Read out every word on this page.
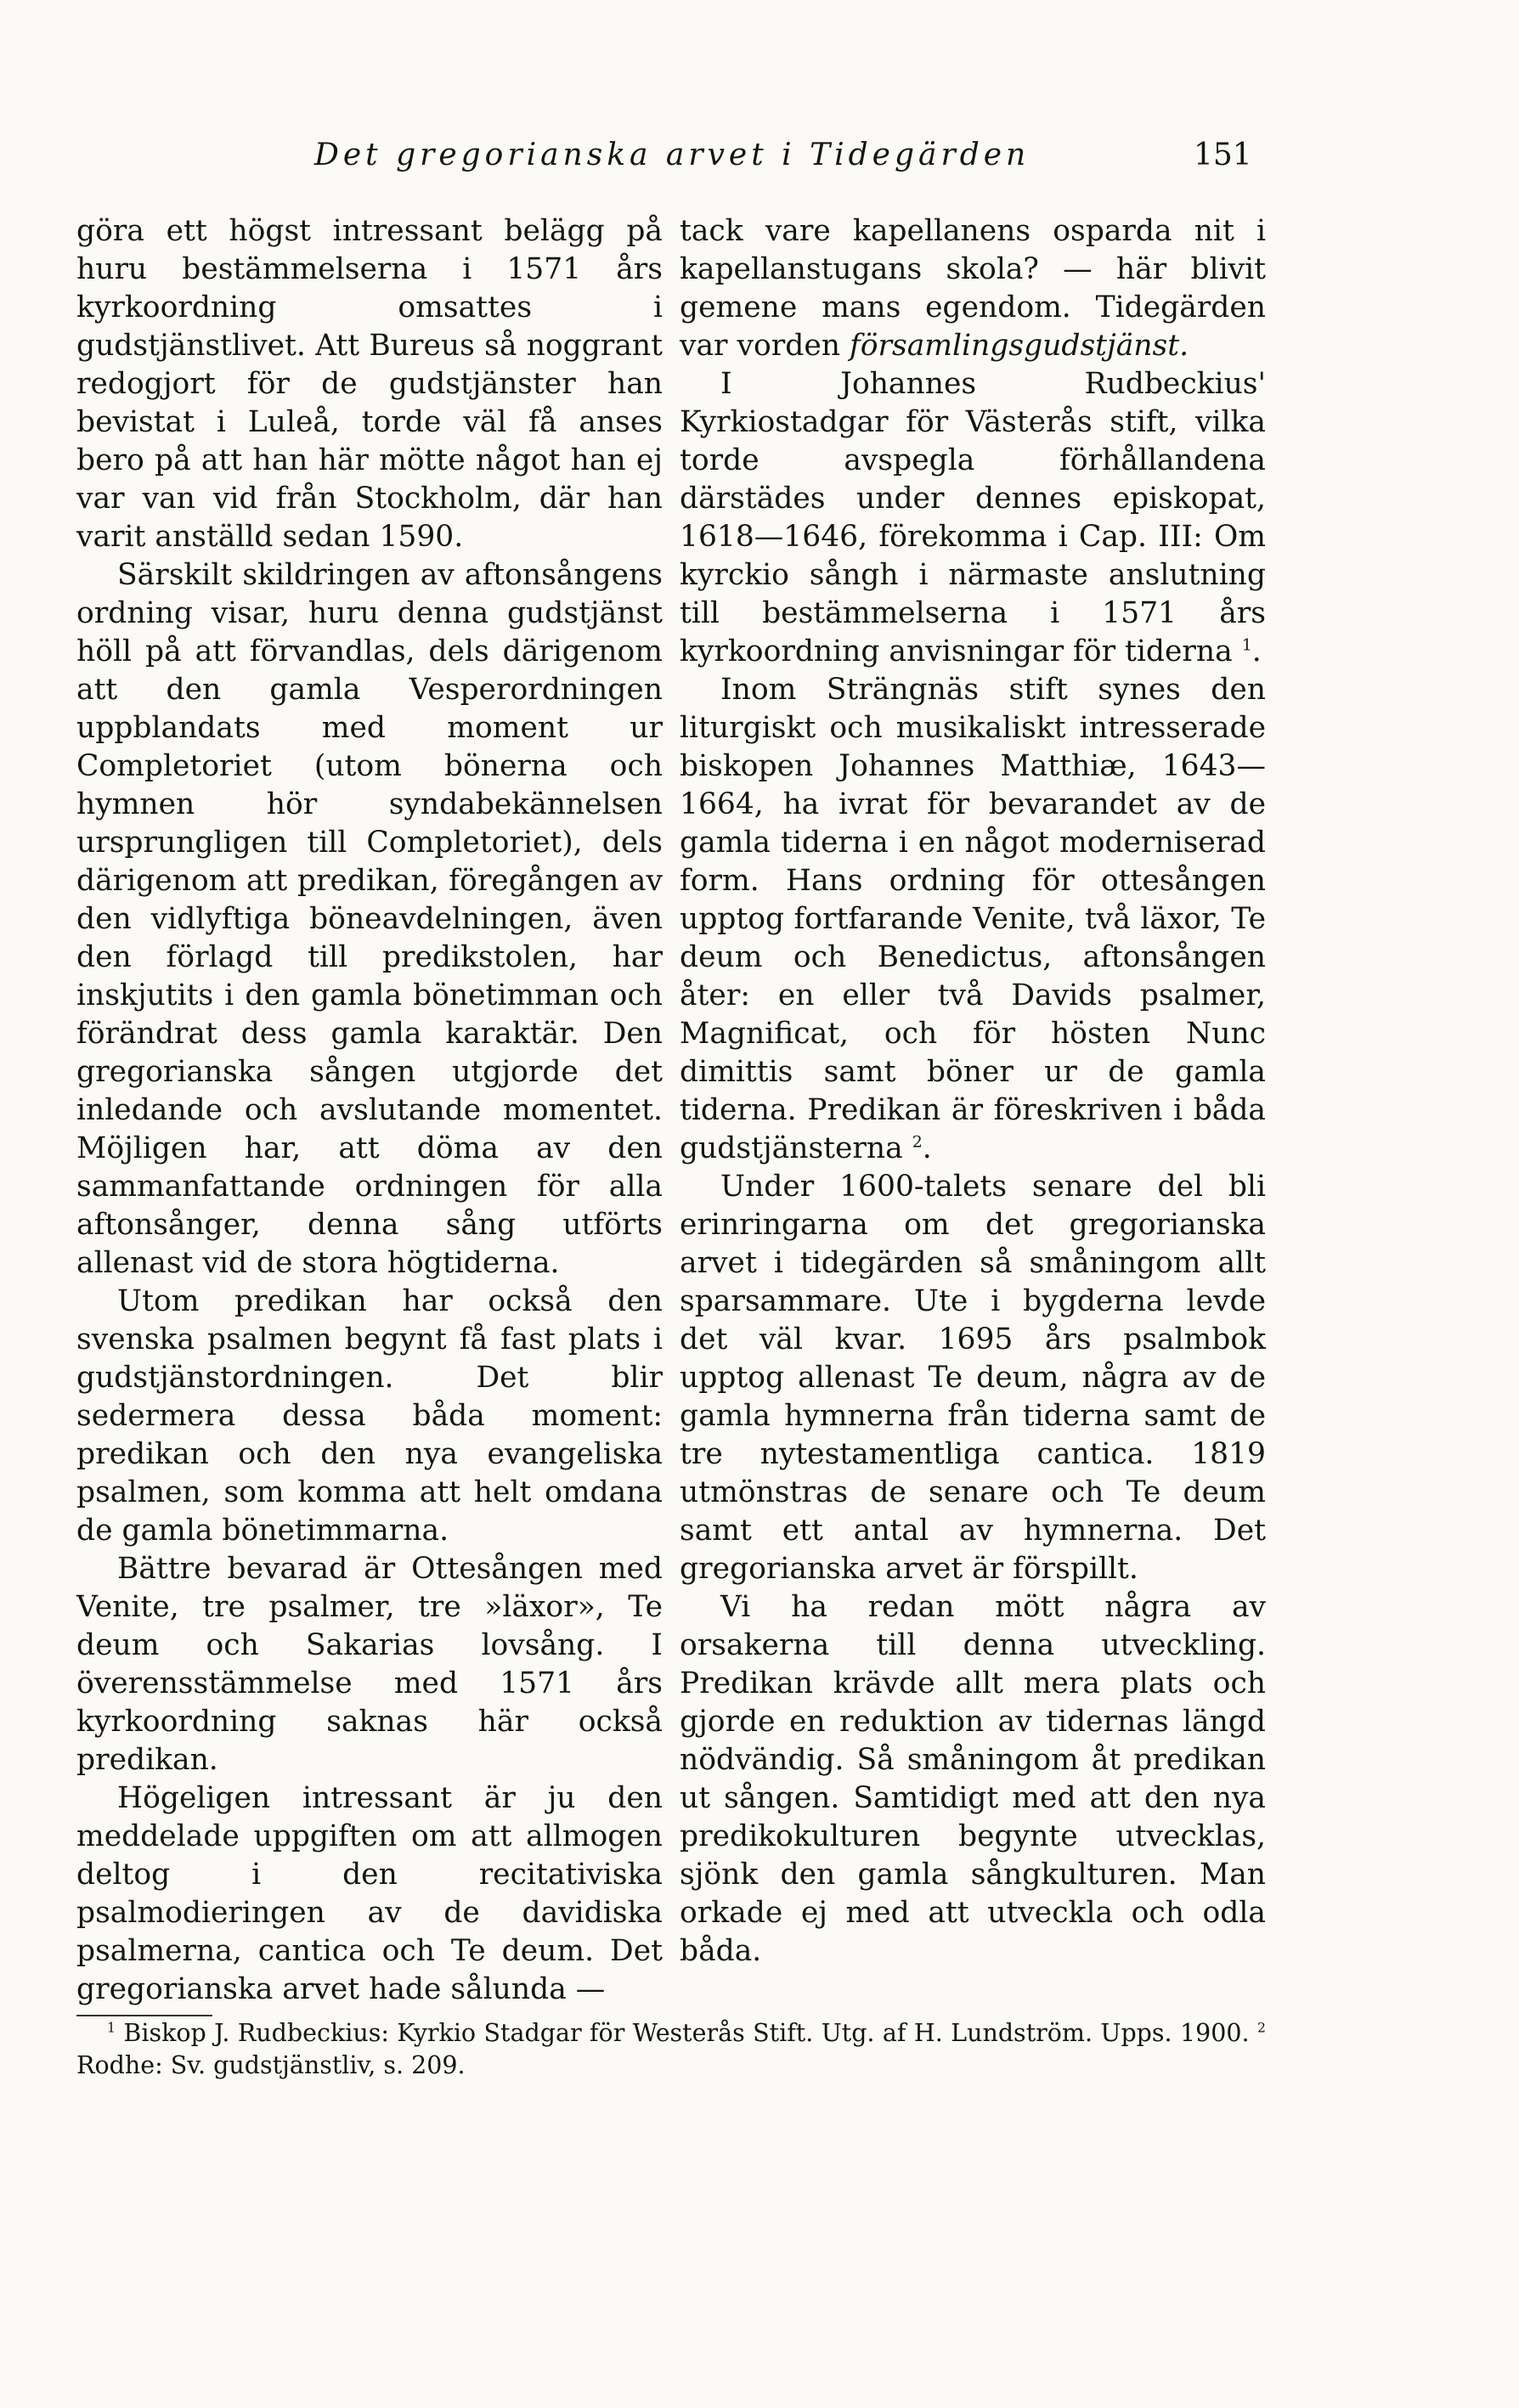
Det gregorianska arvet i Tidegärden	151

göra ett högst intressant belägg på huru bestämmelserna i 1571 års kyrkoordning omsattes i gudstjänstlivet. Att Bureus så noggrant redogjort för de gudstjänster han bevistat i Luleå, torde väl få anses bero på att han här mötte något han ej var van vid från Stockholm, där han varit anställd sedan 1590.

Särskilt skildringen av aftonsångens ordning visar, huru denna gudstjänst höll på att förvandlas, dels därigenom att den gamla Vesperordningen uppblandats med moment ur Completoriet (utom bönerna och hymnen hör syndabekännelsen ursprungligen till Completoriet), dels därigenom att predikan, föregången av den vidlyftiga böneavdelningen, även den förlagd till predikstolen, har inskjutits i den gamla bönetimman och förändrat dess gamla karaktär. Den gregorianska sången utgjorde det inledande och avslutande momentet. Möjligen har, att döma av den sammanfattande ordningen för alla aftonsånger, denna sång utförts allenast vid de stora högtiderna.

Utom predikan har också den svenska psalmen begynt få fast plats i gudstjänstordningen. Det blir sedermera dessa båda moment: predikan och den nya evangeliska psalmen, som komma att helt omdana de gamla bönetimmarna.

Bättre bevarad är Ottesången med Venite, tre psalmer, tre »läxor», Te deum och Sakarias lovsång. I överensstämmelse med 1571 års kyrkoordning saknas här också predikan.

Högeligen intressant är ju den meddelade uppgiften om att allmogen deltog i den recitativiska psalmodieringen av de davidiska psalmerna, cantica och Te deum. Det gregorianska arvet hade sålunda —

tack vare kapellanens osparda nit i kapellanstugans skola? — här blivit gemene mans egendom. Tidegärden var vorden församlingsgudstjänst.

I Johannes Rudbeckius' Kyrkiostadgar för Västerås stift, vilka torde avspegla förhållandena därstädes under dennes episkopat, 1618—1646, förekomma i Cap. III: Om kyrckio sångh i närmaste anslutning till bestämmelserna i 1571 års kyrkoordning anvisningar för tiderna $^1$.

Inom Strängnäs stift synes den liturgiskt och musikaliskt intresserade biskopen Johannes Matthiæ, 1643—1664, ha ivrat för bevarandet av de gamla tiderna i en något moderniserad form. Hans ordning för ottesången upptog fortfarande Venite, två läxor, Te deum och Benedictus, aftonsången åter: en eller två Davids psalmer, Magnificat, och för hösten Nunc dimittis samt böner ur de gamla tiderna. Predikan är föreskriven i båda gudstjänsterna $^2$.

Under 1600-talets senare del bli erinringarna om det gregorianska arvet i tidegärden så småningom allt sparsammare. Ute i bygderna levde det väl kvar. 1695 års psalmbok upptog allenast Te deum, några av de gamla hymnerna från tiderna samt de tre nytestamentliga cantica. 1819 utmönstras de senare och Te deum samt ett antal av hymnerna. Det gregorianska arvet är förspillt.

Vi ha redan mött några av orsakerna till denna utveckling. Predikan krävde allt mera plats och gjorde en reduktion av tidernas längd nödvändig. Så småningom åt predikan ut sången. Samtidigt med att den nya predikokulturen begynte utvecklas, sjönk den gamla sångkulturen. Man orkade ej med att utveckla och odla båda.

$^1$ Biskop J. Rudbeckius: Kyrkio Stadgar för Westerås Stift. Utg. af H. Lundström. Upps. 1900. $^2$ Rodhe: Sv. gudstjänstliv, s. 209.
